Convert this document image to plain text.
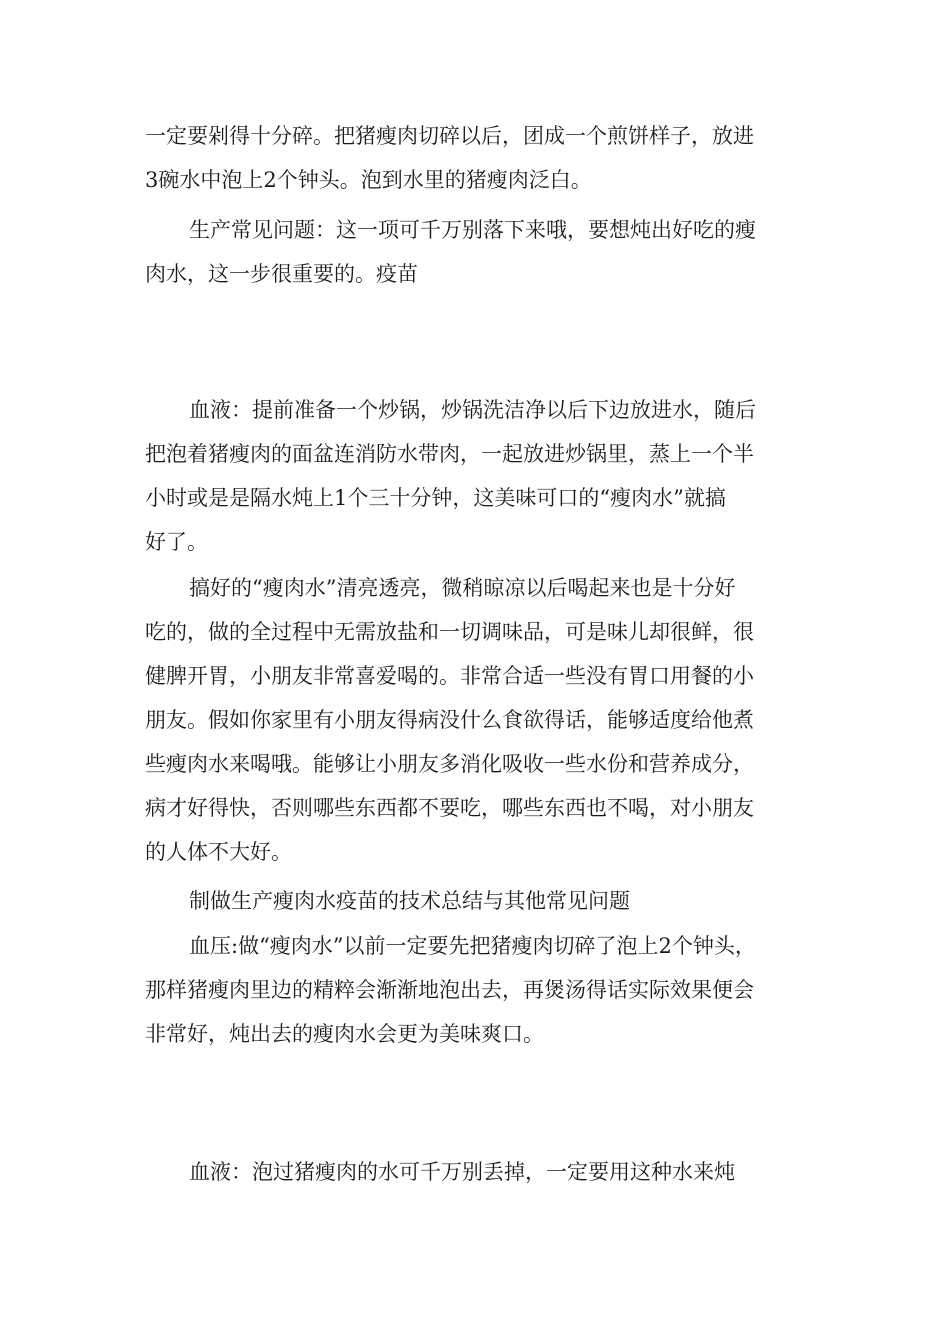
一定要剁得十分碎。把猪瘦肉切碎以后，团成一个煎饼样子，放进
3碗水中泡上2个钟头。泡到水里的猪瘦肉泛白。
生产常见问题：这一项可千万别落下来哦，要想炖出好吃的瘦
肉水，这一步很重要的。疫苗
血液：提前准备一个炒锅，炒锅洗洁净以后下边放进水，随后
把泡着猪瘦肉的面盆连消防水带肉，一起放进炒锅里，蒸上一个半
小时或是是隔水炖上1个三十分钟，这美味可口的“瘦肉水”就搞
好了。
搞好的“瘦肉水”清亮透亮，微稍晾凉以后喝起来也是十分好
吃的，做的全过程中无需放盐和一切调味品，可是味儿却很鲜，很
健脾开胃，小朋友非常喜爱喝的。非常合适一些没有胃口用餐的小
朋友。假如你家里有小朋友得病没什么食欲得话，能够适度给他煮
些瘦肉水来喝哦。能够让小朋友多消化吸收一些水份和营养成分，
病才好得快，否则哪些东西都不要吃，哪些东西也不喝，对小朋友
的人体不大好。
制做生产瘦肉水疫苗的技术总结与其他常见问题
血压:做“瘦肉水”以前一定要先把猪瘦肉切碎了泡上2个钟头，
那样猪瘦肉里边的精粹会渐渐地泡出去，再煲汤得话实际效果便会
非常好，炖出去的瘦肉水会更为美味爽口。
血液：泡过猪瘦肉的水可千万别丢掉，一定要用这种水来炖
